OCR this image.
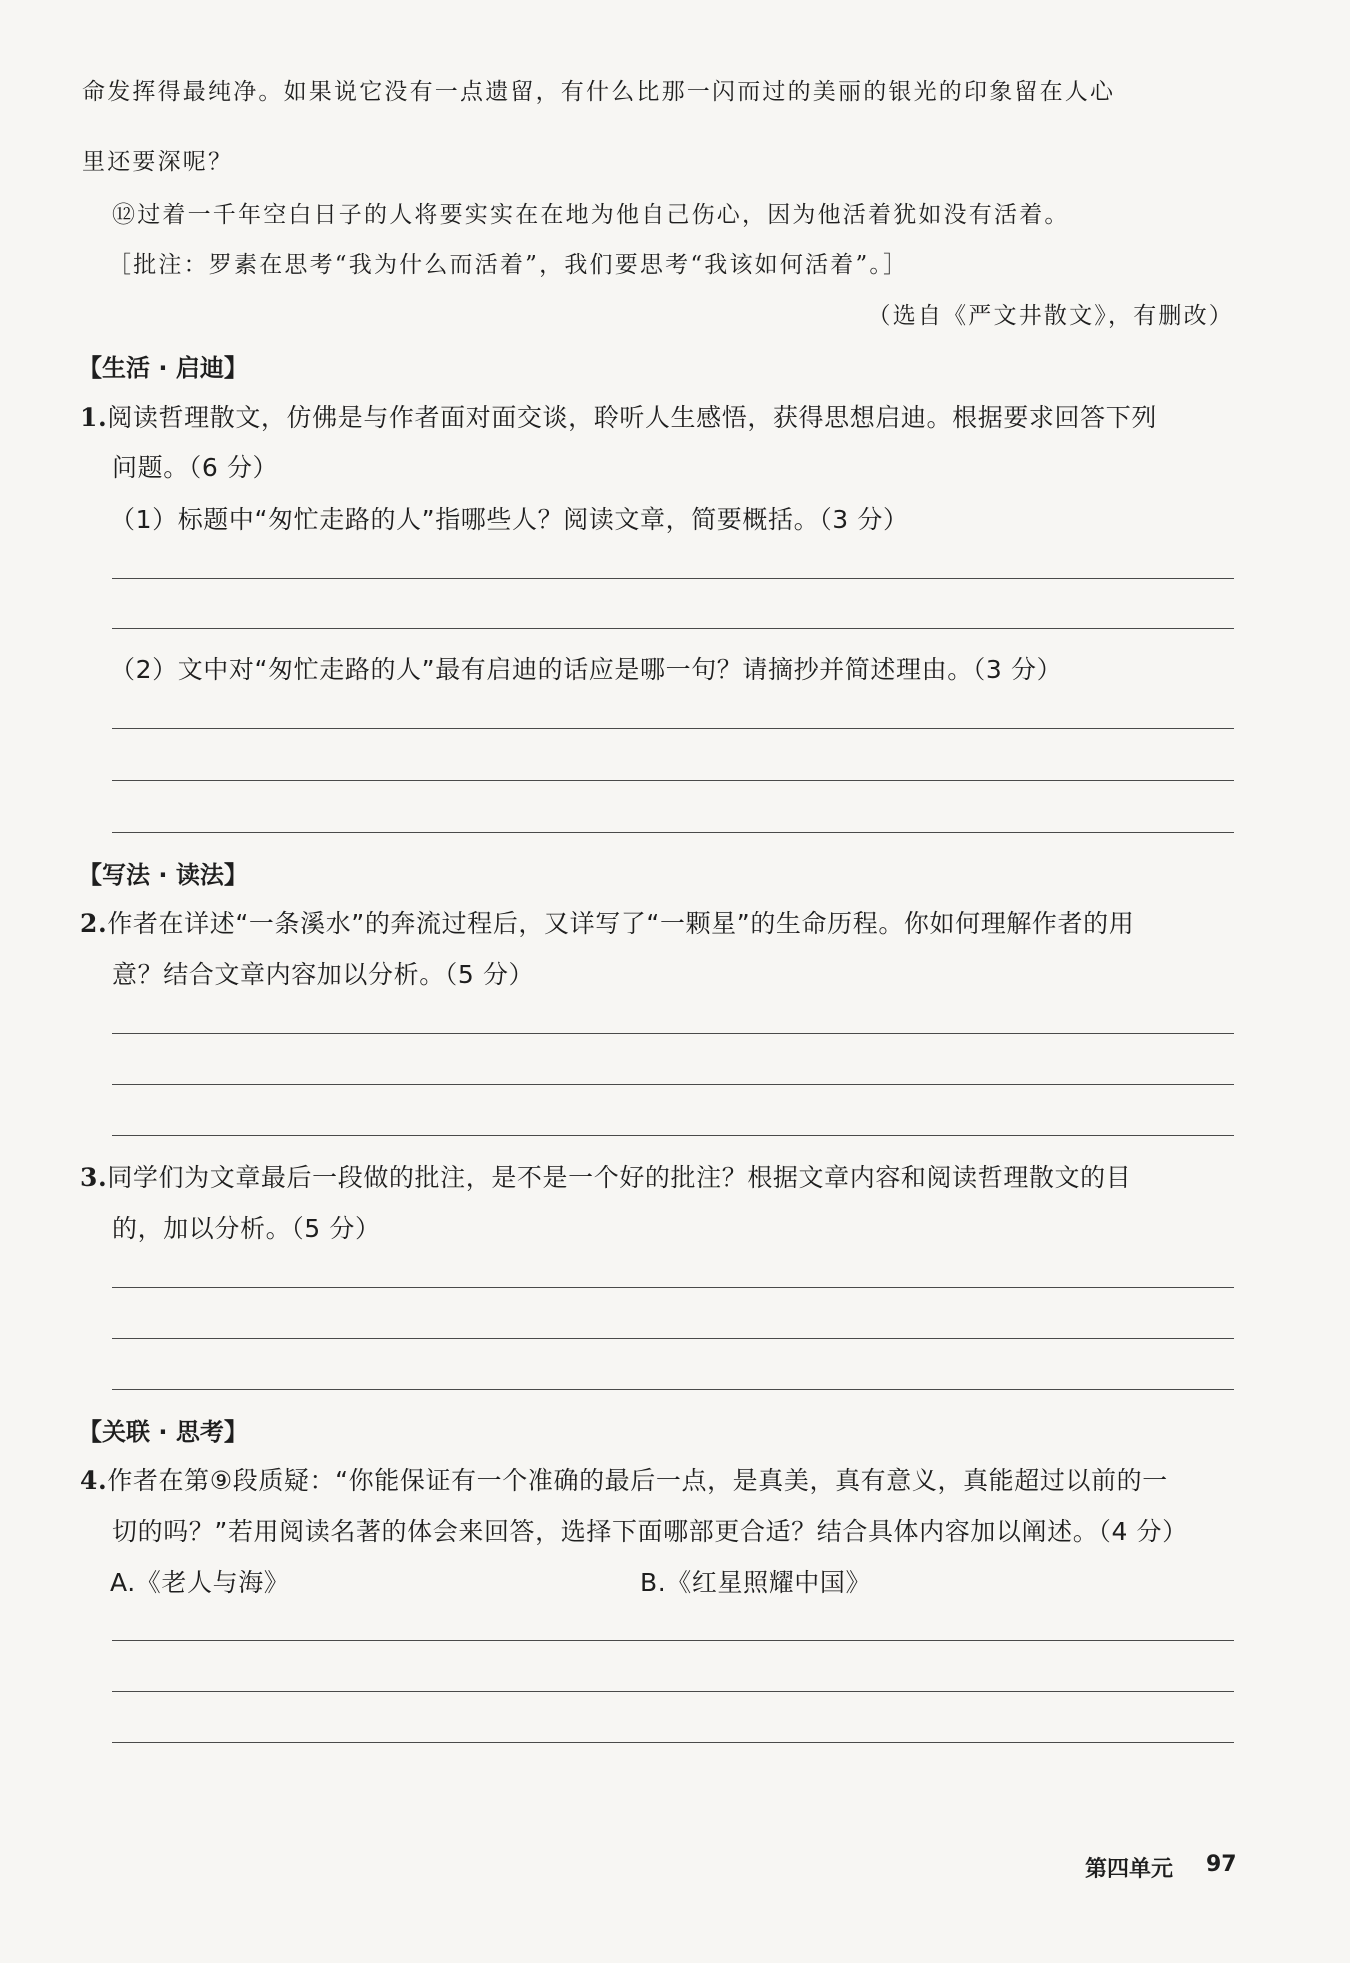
命发挥得最纯净。如果说它没有一点遗留，有什么比那一闪而过的美丽的银光的印象留在人心
里还要深呢？
⑫过着一千年空白日子的人将要实实在在地为他自己伤心，因为他活着犹如没有活着。
［批注：罗素在思考“我为什么而活着”，我们要思考“我该如何活着”。］
（选自《严文井散文》，有删改）
【生活 · 启迪】
1.阅读哲理散文，仿佛是与作者面对面交谈，聆听人生感悟，获得思想启迪。根据要求回答下列
问题。（6 分）
（1）标题中“匆忙走路的人”指哪些人？阅读文章，简要概括。（3 分）
（2）文中对“匆忙走路的人”最有启迪的话应是哪一句？请摘抄并简述理由。（3 分）
【写法 · 读法】
2.作者在详述“一条溪水”的奔流过程后，又详写了“一颗星”的生命历程。你如何理解作者的用
意？结合文章内容加以分析。（5 分）
3.同学们为文章最后一段做的批注，是不是一个好的批注？根据文章内容和阅读哲理散文的目
的，加以分析。（5 分）
【关联 · 思考】
4.作者在第⑨段质疑：“你能保证有一个准确的最后一点，是真美，真有意义，真能超过以前的一
切的吗？”若用阅读名著的体会来回答，选择下面哪部更合适？结合具体内容加以阐述。（4 分）
A.《老人与海》	B.《红星照耀中国》
第四单元 97
